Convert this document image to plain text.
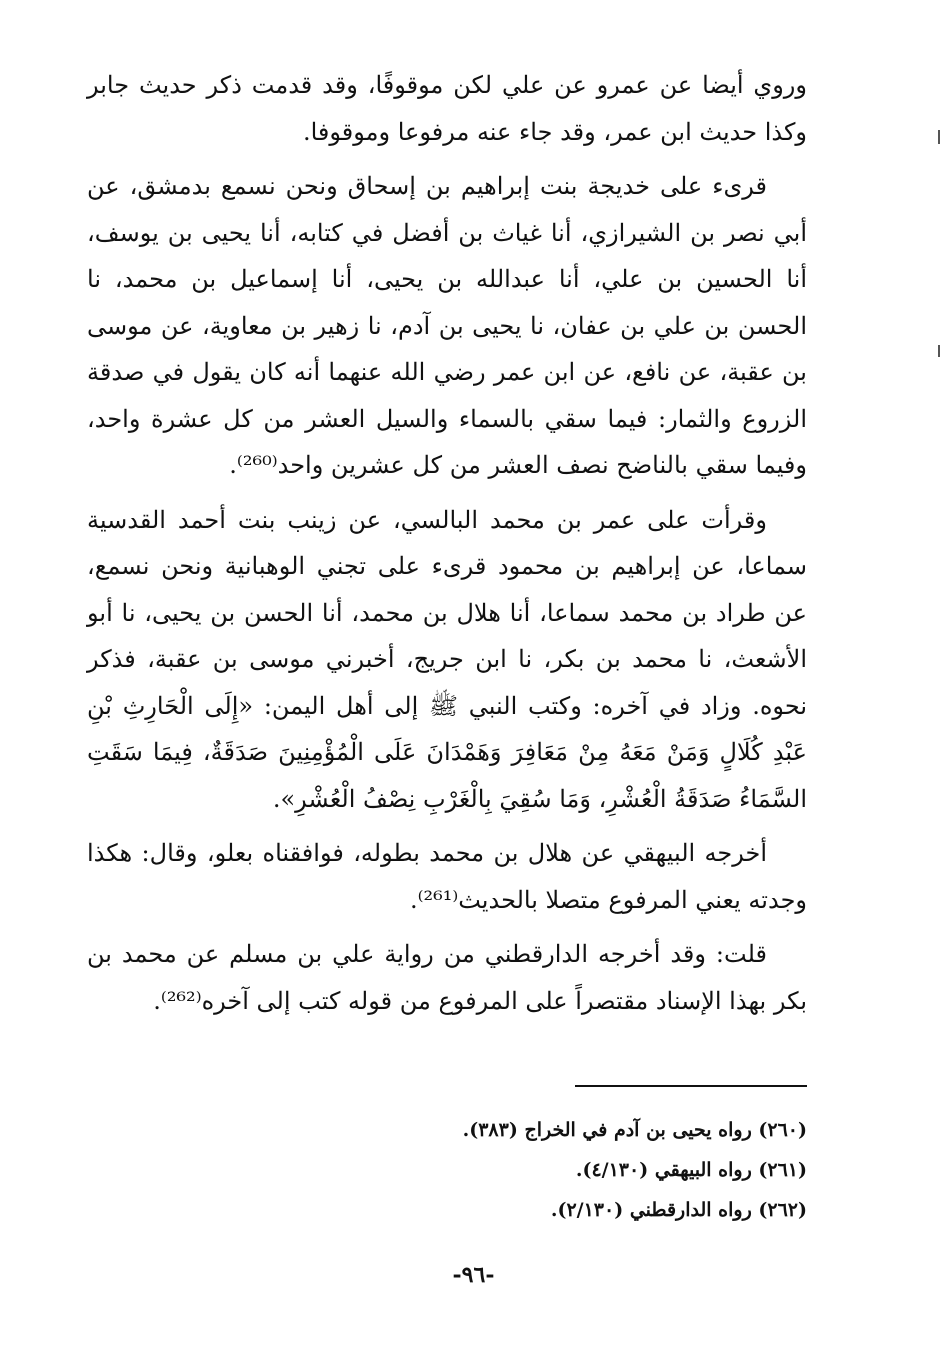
وروي أيضا عن عمرو عن علي لكن موقوفًا، وقد قدمت ذكر حديث جابر وكذا حديث ابن عمر، وقد جاء عنه مرفوعا وموقوفا.

قرىء على خديجة بنت إبراهيم بن إسحاق ونحن نسمع بدمشق، عن أبي نصر بن الشيرازي، أنا غياث بن أفضل في كتابه، أنا يحيى بن يوسف، أنا الحسين بن علي، أنا عبدالله بن يحيى، أنا إسماعيل بن محمد، نا الحسن بن علي بن عفان، نا يحيى بن آدم، نا زهير بن معاوية، عن موسى بن عقبة، عن نافع، عن ابن عمر رضي الله عنهما أنه كان يقول في صدقة الزروع والثمار: فيما سقي بالسماء والسيل العشر من كل عشرة واحد، وفيما سقي بالناضح نصف العشر من كل عشرين واحد⁽²⁶⁰⁾.

وقرأت على عمر بن محمد البالسي، عن زينب بنت أحمد القدسية سماعا، عن إبراهيم بن محمود قرىء على تجني الوهبانية ونحن نسمع، عن طراد بن محمد سماعا، أنا هلال بن محمد، أنا الحسن بن يحيى، نا أبو الأشعث، نا محمد بن بكر، نا ابن جريج، أخبرني موسى بن عقبة، فذكر نحوه. وزاد في آخره: وكتب النبي ﷺ إلى أهل اليمن: «إِلَى الْحَارِثِ بْنِ عَبْدِ كُلَالٍ وَمَنْ مَعَهُ مِنْ مَعَافِرَ وَهَمْدَانَ عَلَى الْمُؤْمِنِينَ صَدَقَةٌ، فِيمَا سَقَتِ السَّمَاءُ صَدَقَةُ الْعُشْرِ، وَمَا سُقِيَ بِالْغَرْبِ نِصْفُ الْعُشْرِ».

أخرجه البيهقي عن هلال بن محمد بطوله، فوافقناه بعلو، وقال: هكذا وجدته يعني المرفوع متصلا بالحديث⁽²⁶¹⁾.

قلت: وقد أخرجه الدارقطني من رواية علي بن مسلم عن محمد بن بكر بهذا الإسناد مقتصراً على المرفوع من قوله كتب إلى آخره⁽²⁶²⁾.

(٢٦٠) رواه يحيى بن آدم في الخراج (٣٨٣).

(٢٦١) رواه البيهقي (٤/١٣٠).

(٢٦٢) رواه الدارقطني (٢/١٣٠).

-٩٦-
